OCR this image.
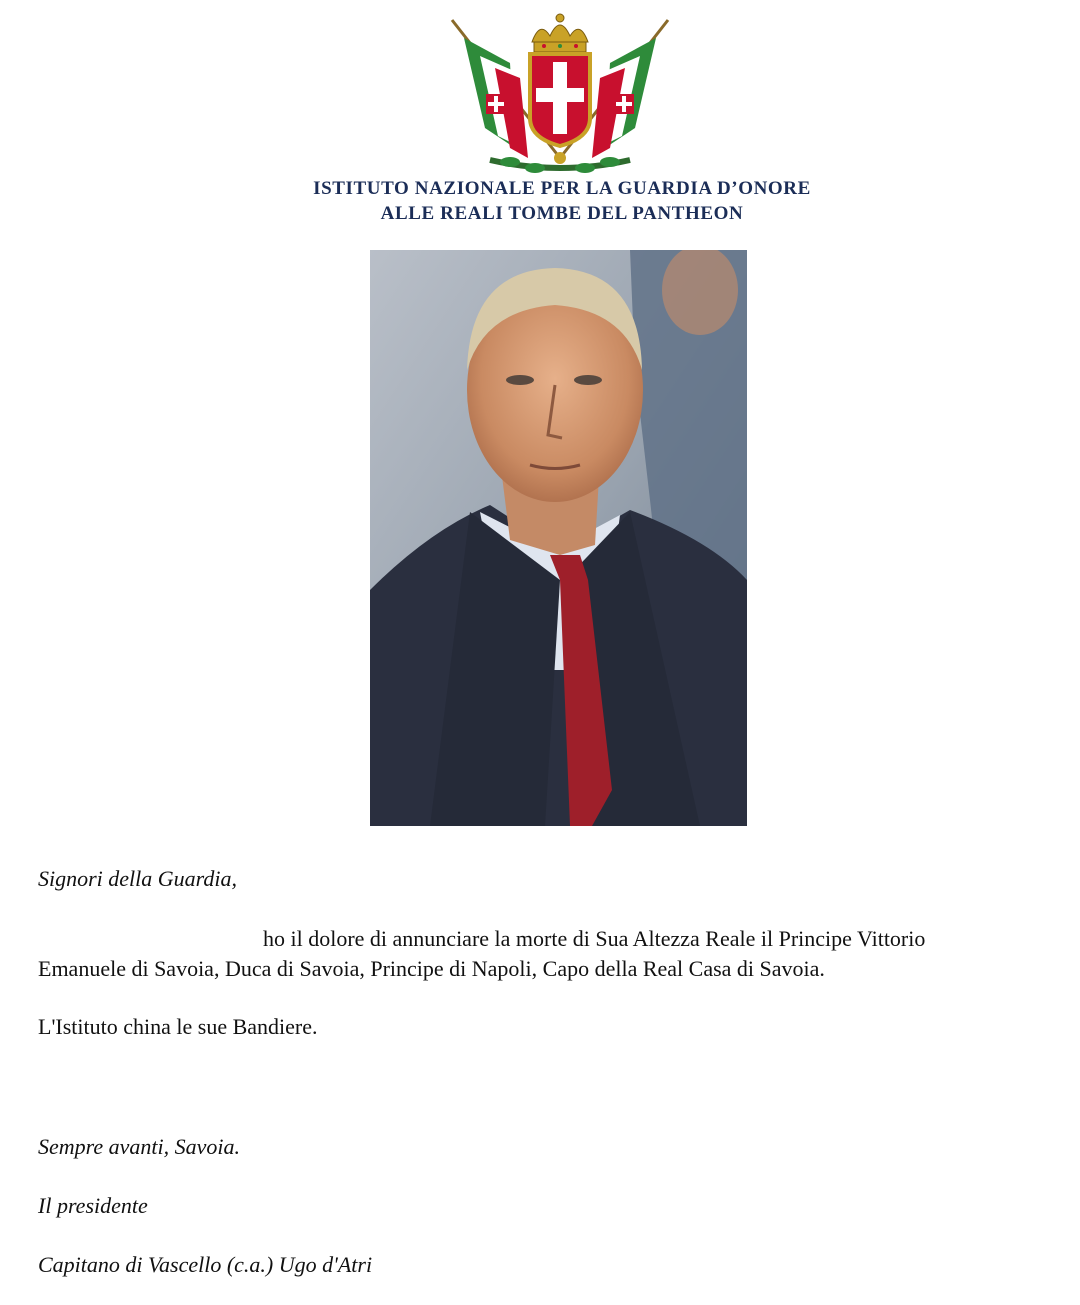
ISTITUTO NAZIONALE PER LA GUARDIA D’ONORE
ALLE REALI TOMBE DEL PANTHEON
Signori della Guardia,
ho il dolore di annunciare la morte di Sua Altezza Reale il Principe Vittorio
Emanuele di Savoia, Duca di Savoia, Principe di Napoli, Capo della Real Casa di Savoia.
L'Istituto china le sue Bandiere.
Sempre avanti, Savoia.
Il presidente
Capitano di Vascello (c.a.) Ugo d'Atri
